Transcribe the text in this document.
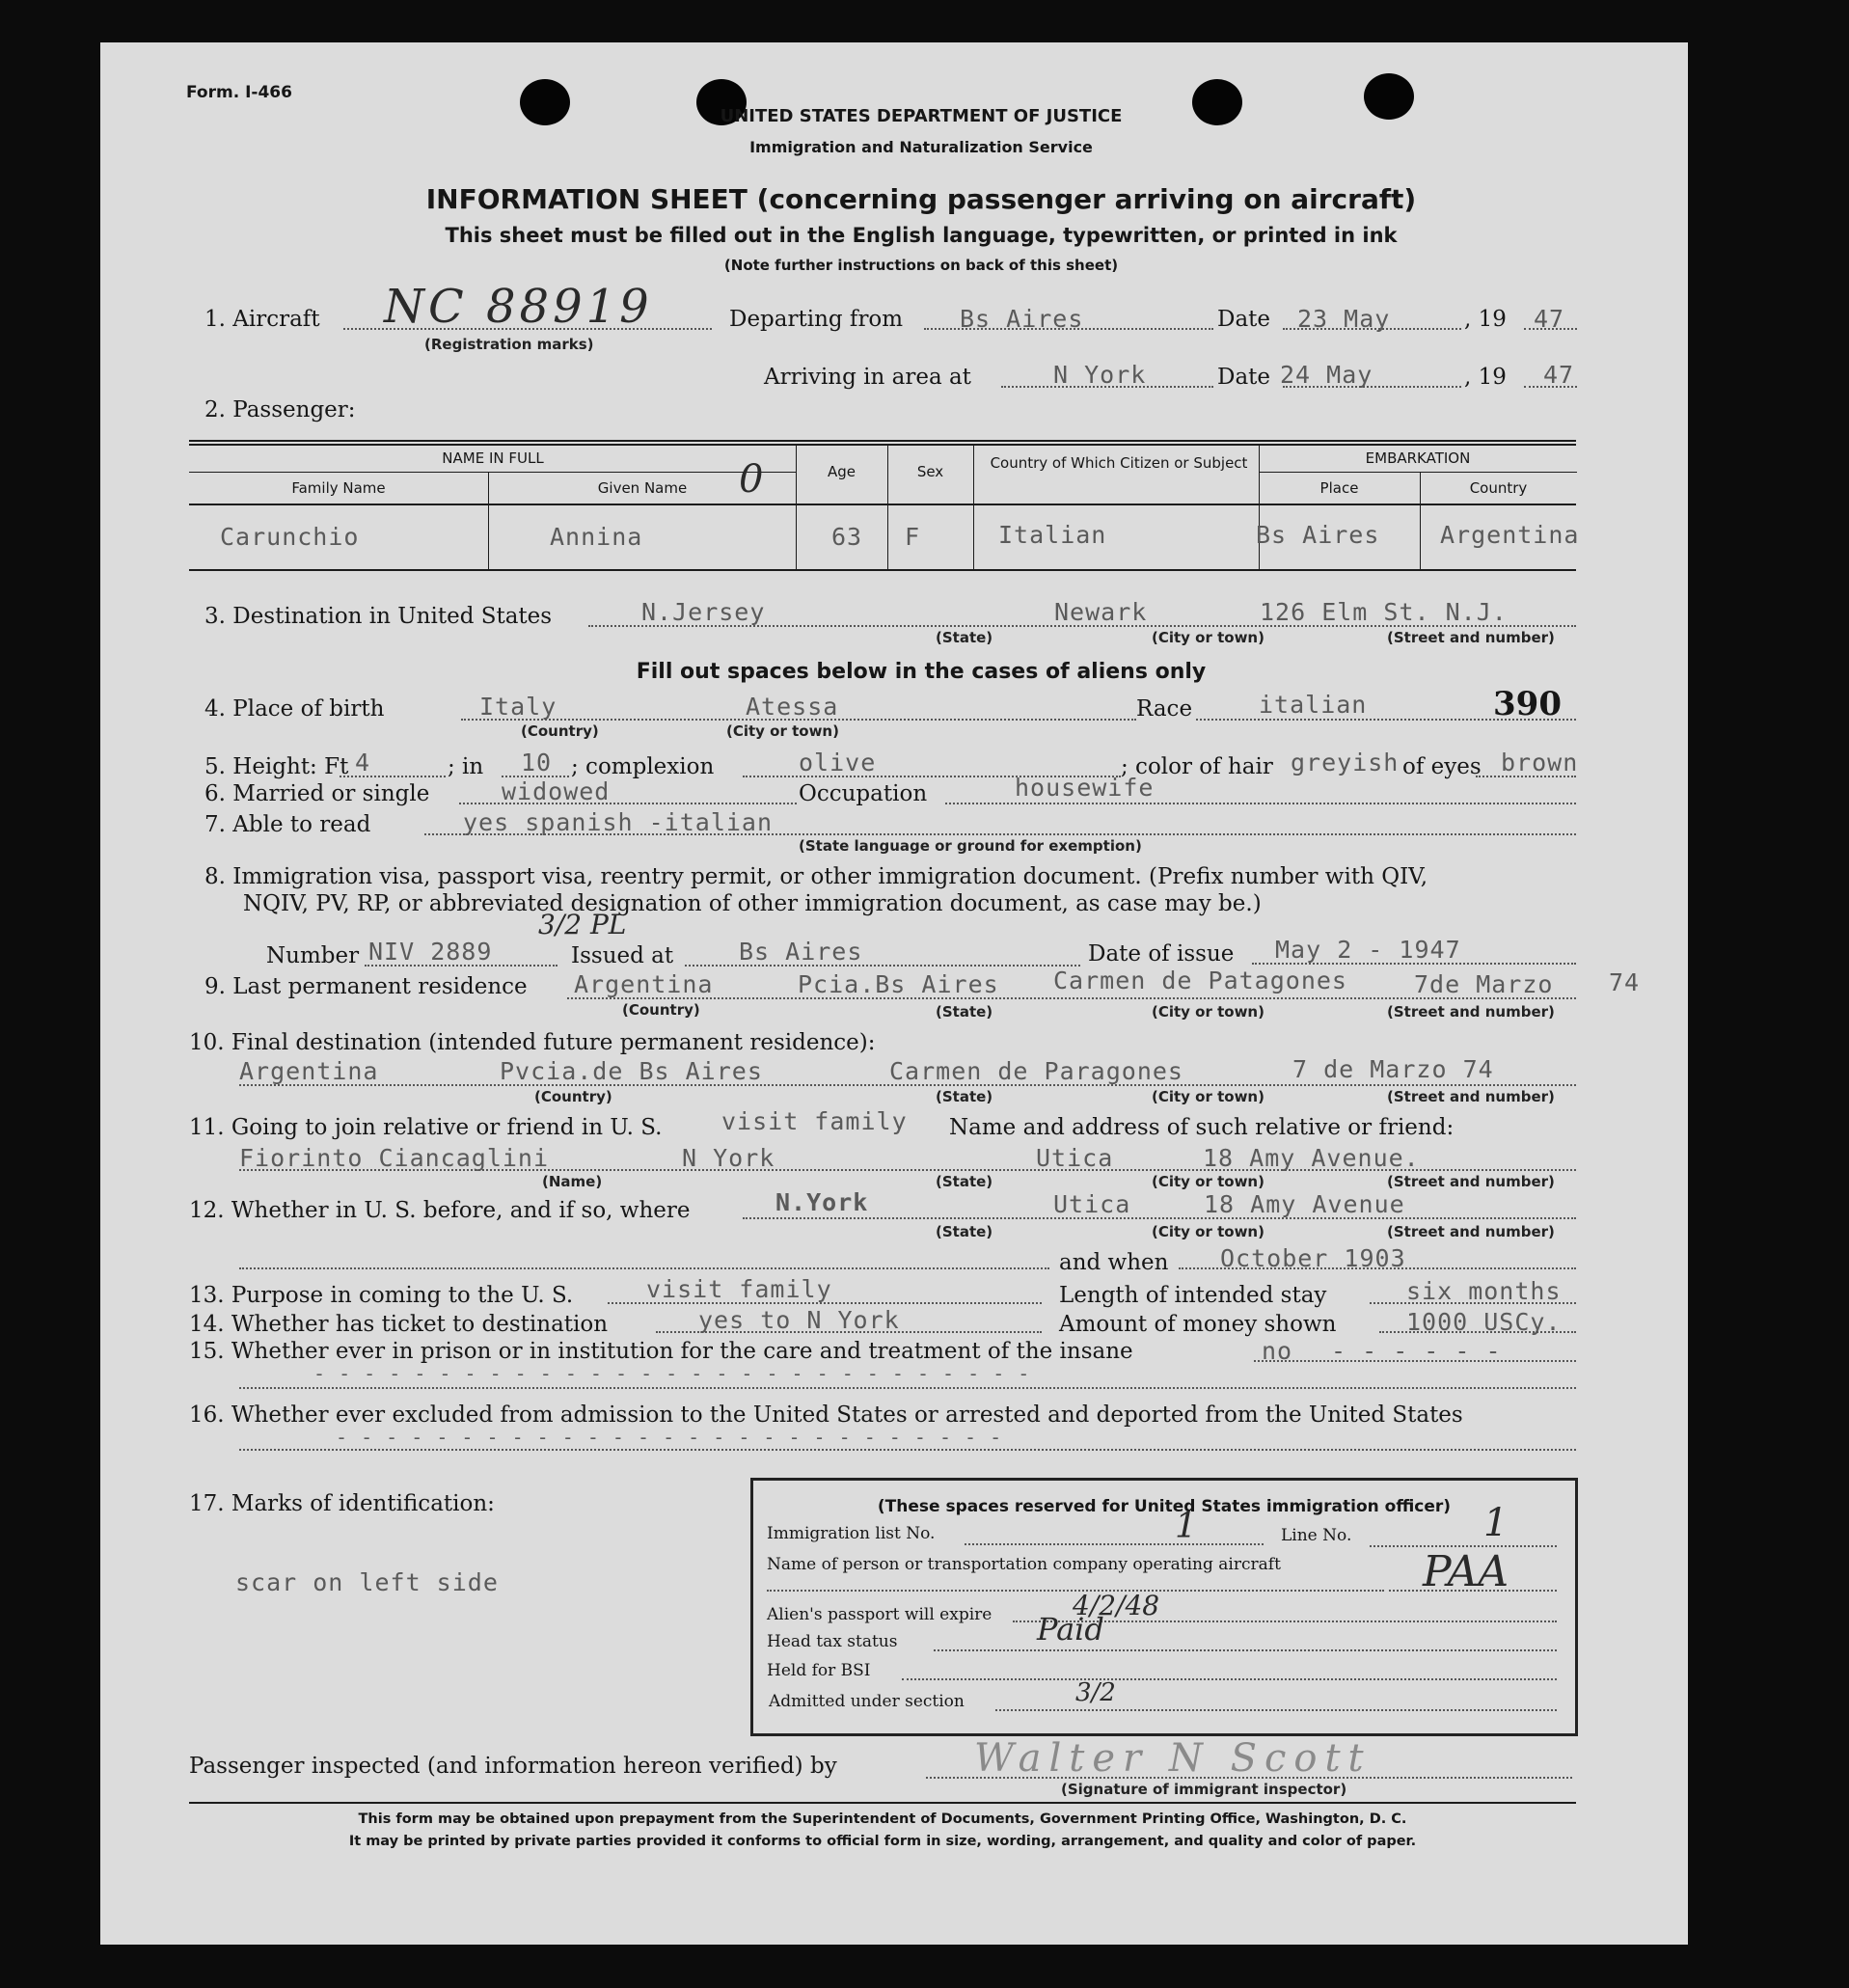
Form. I-466
UNITED STATES DEPARTMENT OF JUSTICE
Immigration and Naturalization Service
INFORMATION SHEET (concerning passenger arriving on aircraft)
This sheet must be filled out in the English language, typewritten, or printed in ink
(Note further instructions on back of this sheet)
1. Aircraft NC 88919
(Registration marks)
Departing from Bs Aires	Date 23 May	, 19 47
Arriving in area at	N York	Date 24 May	, 19 47
2. Passenger:
NAME IN FULL
Family Name	Given Name	0	Age	Sex	Country of Which Citizen or Subject	EMBARKATION
Place	Country
Carunchio	Annina	63 F	Italian	Bs Aires	Argentina
3. Destination in United States	N.Jersey	Newark	126 Elm St. N.J.
(State)	(City or town)	(Street and number)
Fill out spaces below in the cases of aliens only
4. Place of birth	Italy	Atessa
(Country)	(City or town)
Race	italian	390
5. Height: Ft 4	; in 10 ; complexion	olive	; color of hair greyish of eyes brown
6. Married or single	widowed	Occupation	housewife
7. Able to read	yes spanish -italian
(State language or ground for exemption)
8. Immigration visa, passport visa, reentry permit, or other immigration document. (Prefix number with QIV,
NQIV, PV, RP, or abbreviated designation of other immigration document, as case may be.)
3/2 PL
Number NIV 2889	Issued at	Bs Aires	Date of issue May 2 - 1947
9. Last permanent residence Argentina	Pcia.Bs Aires Carmen de Patagones	7de Marzo 74
(Country)	(State)	(City or town)	(Street and number)
10. Final destination (intended future permanent residence):
Argentina	Pvcia.de Bs Aires	Carmen de Paragones	7 de Marzo 74
(Country)	(State)	(City or town)	(Street and number)
11. Going to join relative or friend in U. S. visit family Name and address of such relative or friend:
Fiorinto Ciancaglini	N York	Utica	18 Amy Avenue.
(Name)	(State)	(City or town)	(Street and number)
12. Whether in U. S. before, and if so, where	N.York	Utica	18 Amy Avenue
(State)	(City or town)	(Street and number)
and when October 1903
13. Purpose in coming to the U. S.	visit family	Length of intended stay	six months
14. Whether has ticket to destination	yes to N York	Amount of money shown	1000 USCy.
15. Whether ever in prison or in institution for the care and treatment of the insane	no - - - - - -
- - - - - - - - - - - - - - - - - - - - - - - - - - - - -
16. Whether ever excluded from admission to the United States or arrested and deported from the United States
- - - - - - - - - - - - - - - - - - - - - - - - - - -
17. Marks of identification:
scar on left side
(These spaces reserved for United States immigration officer)
Immigration list No.	1	Line No.	1
Name of person or transportation company operating aircraft	PAA
Alien's passport will expire	4/2/48
Head tax status	Paid
Held for BSI
Admitted under section	3/2
Passenger inspected (and information hereon verified) by	Walter N Scott
(Signature of immigrant inspector)
This form may be obtained upon prepayment from the Superintendent of Documents, Government Printing Office, Washington, D. C.
It may be printed by private parties provided it conforms to official form in size, wording, arrangement, and quality and color of paper.
